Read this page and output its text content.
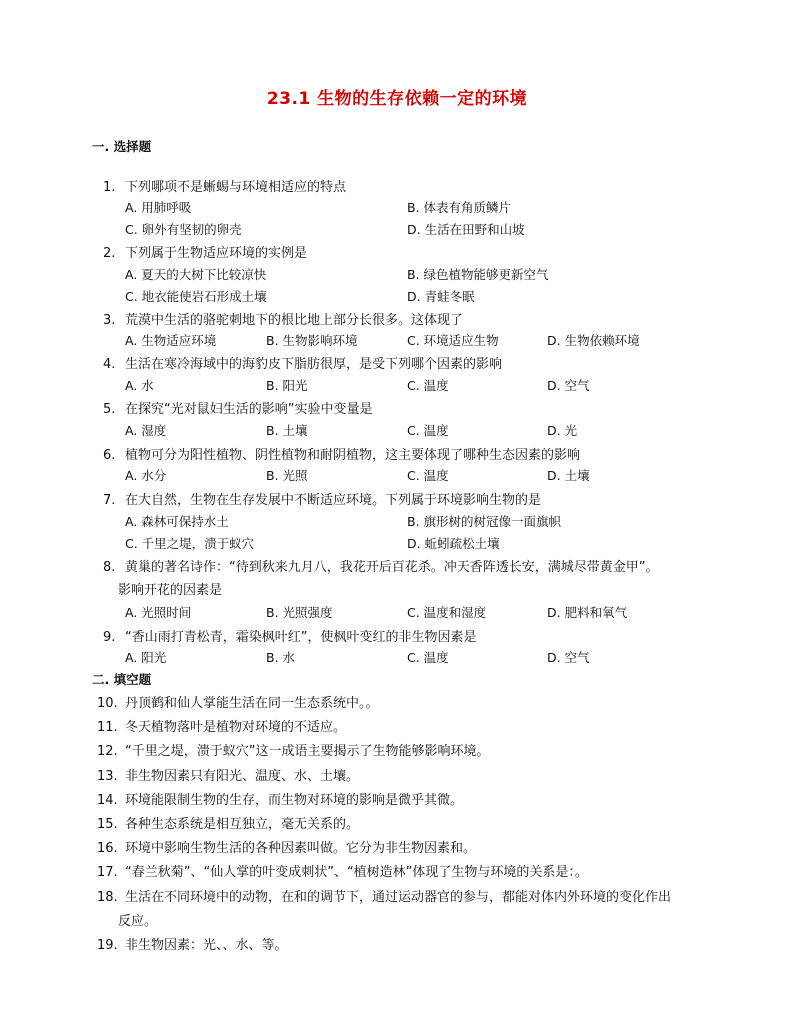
23.1 生物的生存依赖一定的环境
一. 选择题
1. 下列哪项不是蜥蜴与环境相适应的特点
A. 用肺呼吸	B. 体表有角质鳞片
C. 卵外有坚韧的卵壳	D. 生活在田野和山坡
2. 下列属于生物适应环境的实例是
A. 夏天的大树下比较凉快	B. 绿色植物能够更新空气
C. 地衣能使岩石形成土壤	D. 青蛙冬眠
3. 荒漠中生活的骆驼刺地下的根比地上部分长很多。这体现了
A. 生物适应环境	B. 生物影响环境	C. 环境适应生物	D. 生物依赖环境
4. 生活在寒冷海域中的海豹皮下脂肪很厚，是受下列哪个因素的影响
A. 水	B. 阳光	C. 温度	D. 空气
5. 在探究“光对鼠妇生活的影响”实验中变量是
A. 湿度	B. 土壤	C. 温度	D. 光
6. 植物可分为阳性植物、阴性植物和耐阴植物，这主要体现了哪种生态因素的影响
A. 水分	B. 光照	C. 温度	D. 土壤
7. 在大自然，生物在生存发展中不断适应环境。下列属于环境影响生物的是
A. 森林可保持水土	B. 旗形树的树冠像一面旗帜
C. 千里之堤，溃于蚁穴	D. 蚯蚓疏松土壤
8. 黄巢的著名诗作：“待到秋来九月八，我花开后百花杀。冲天香阵透长安，满城尽带黄金甲”。
影响开花的因素是
A. 光照时间	B. 光照强度	C. 温度和湿度	D. 肥料和氧气
9. “香山雨打青松青，霜染枫叶红”，使枫叶变红的非生物因素是
A. 阳光	B. 水	C. 温度	D. 空气
二. 填空题
10. 丹顶鹤和仙人掌能生活在同一生态系统中。。
11. 冬天植物落叶是植物对环境的不适应。
12. “千里之堤，溃于蚁穴”这一成语主要揭示了生物能够影响环境。
13. 非生物因素只有阳光、温度、水、土壤。
14. 环境能限制生物的生存，而生物对环境的影响是微乎其微。
15. 各种生态系统是相互独立，毫无关系的。
16. 环境中影响生物生活的各种因素叫做。它分为非生物因素和。
17. “春兰秋菊”、“仙人掌的叶变成刺状”、“植树造林”体现了生物与环境的关系是：。
18. 生活在不同环境中的动物，在和的调节下，通过运动器官的参与，都能对体内外环境的变化作出
反应。
19. 非生物因素：光、、水、等。
